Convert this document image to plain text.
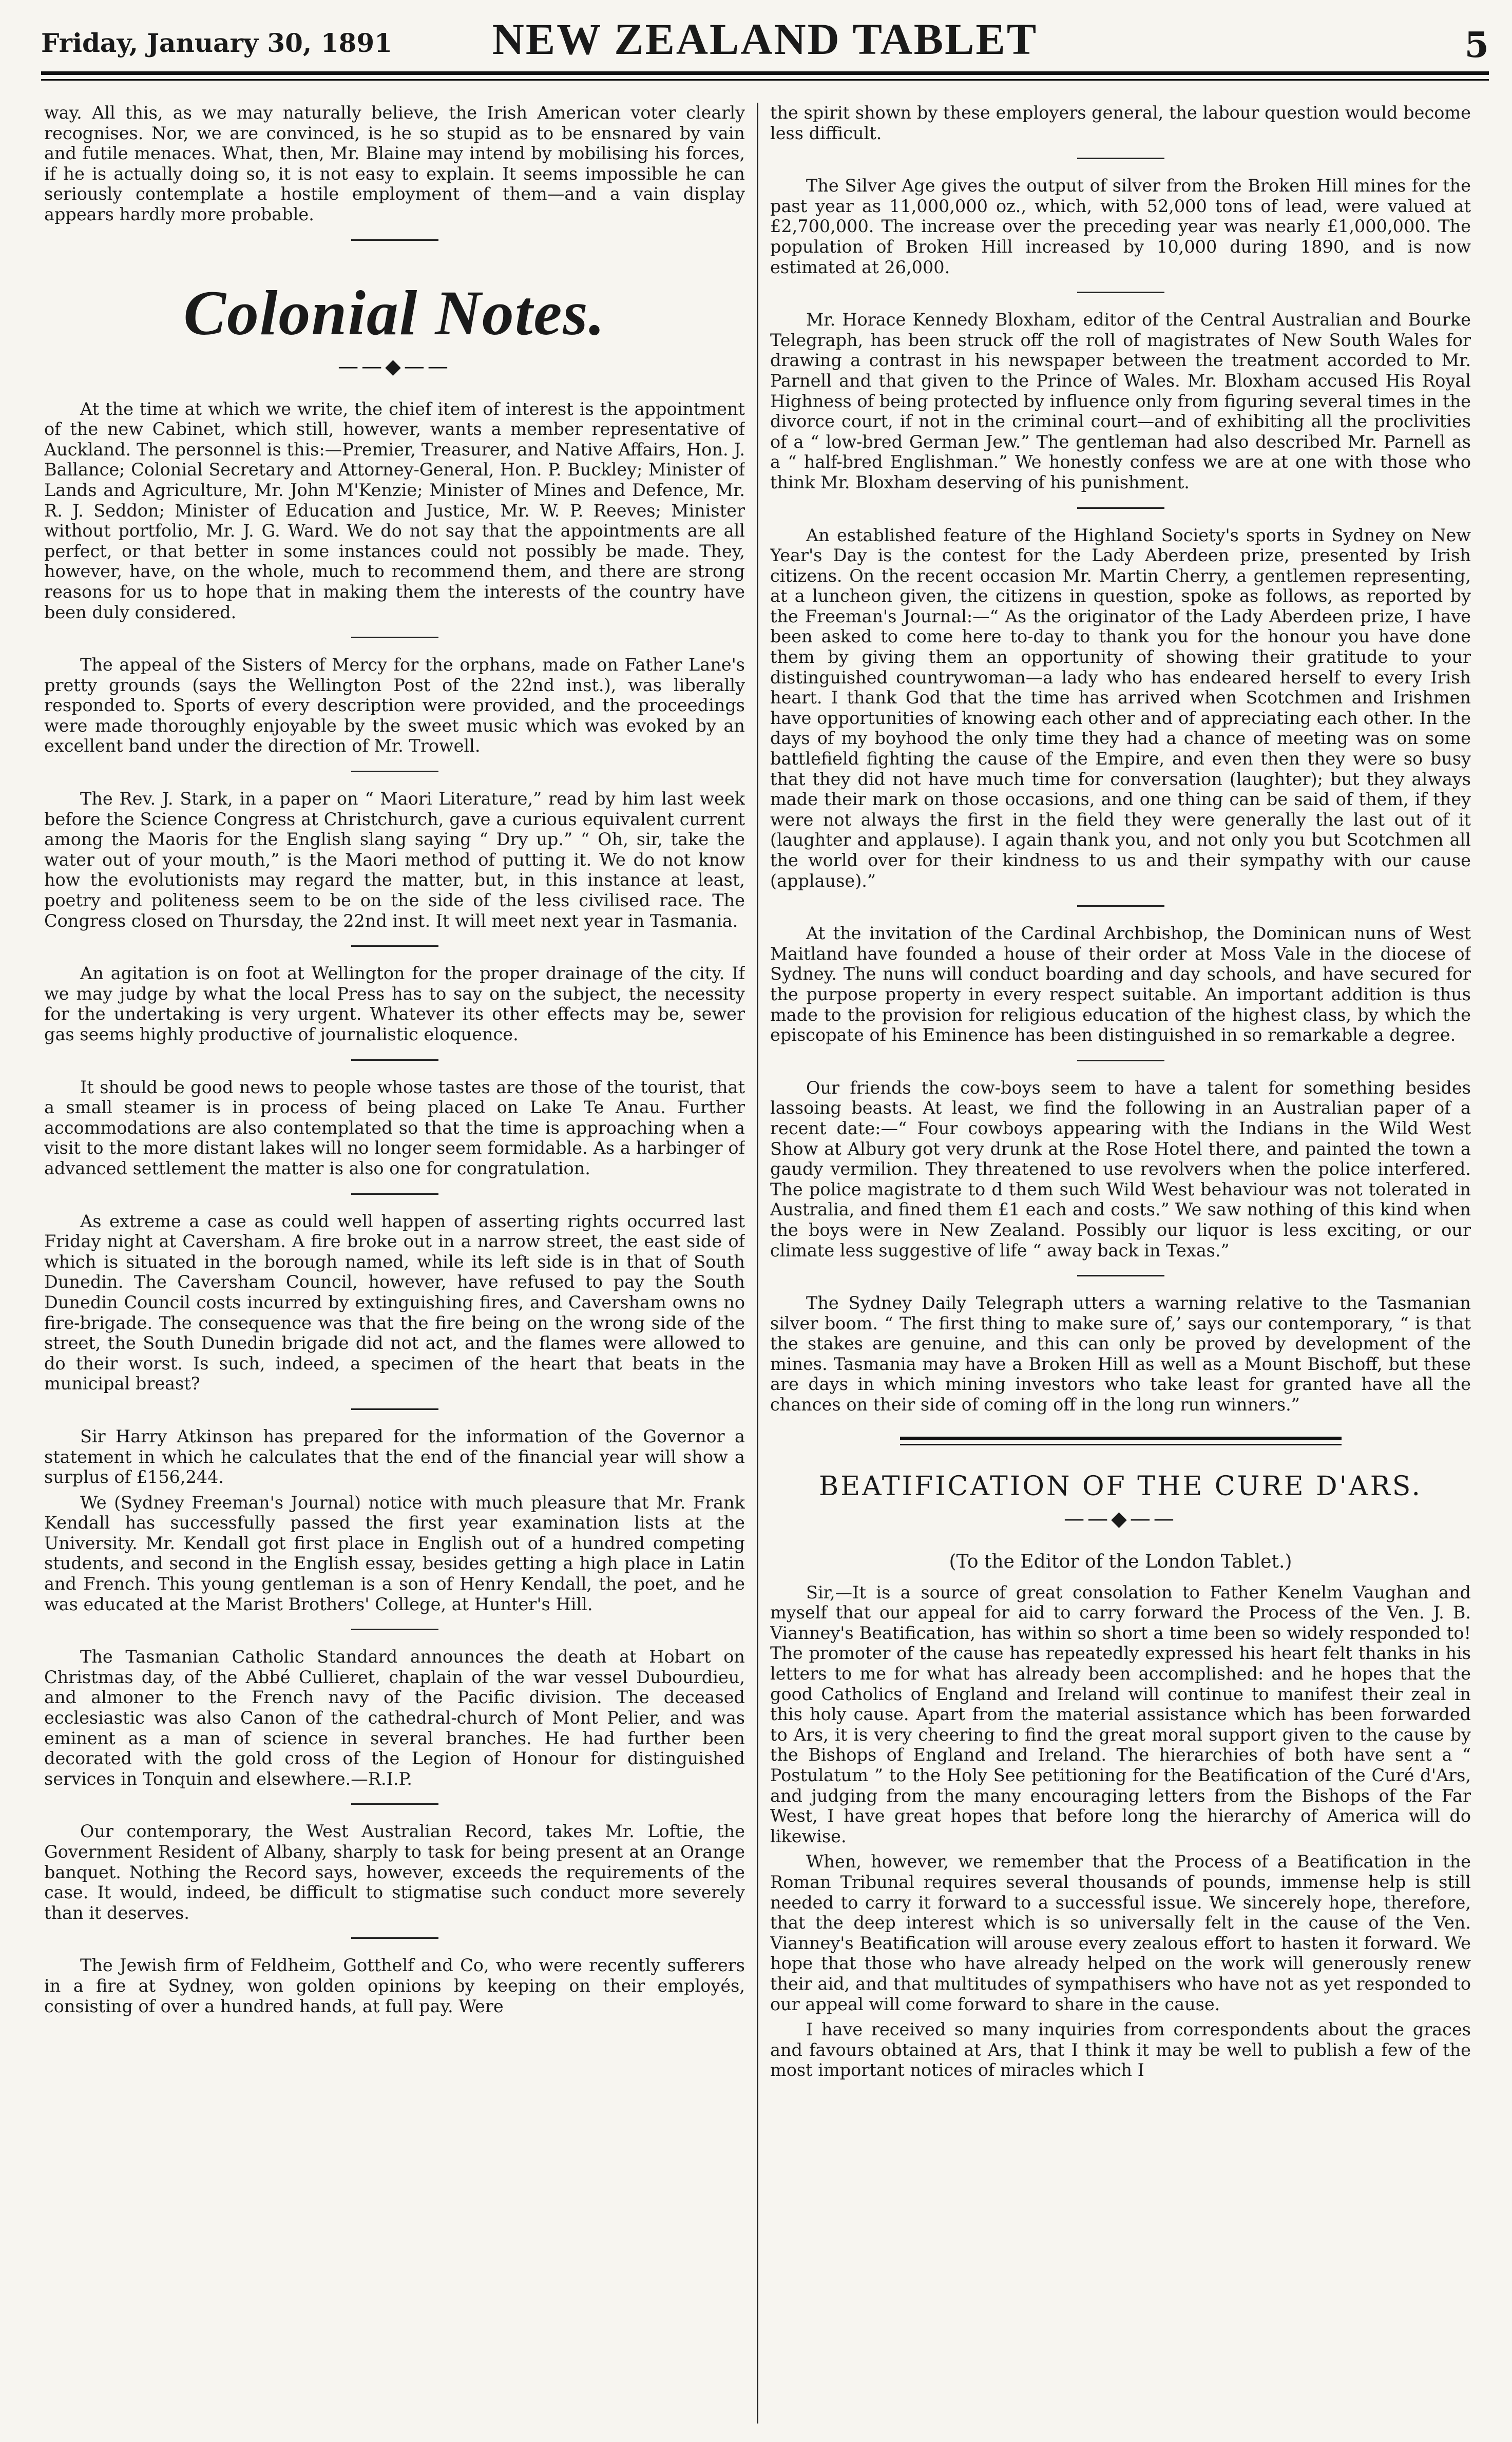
Friday, January 30, 1891	NEW ZEALAND TABLET	5

way. All this, as we may naturally believe, the Irish American voter clearly recognises. Nor, we are convinced, is he so stupid as to be ensnared by vain and futile menaces. What, then, Mr. Blaine may intend by mobilising his forces, if he is actually doing so, it is not easy to explain. It seems impossible he can seriously contemplate a hostile employment of them—and a vain display appears hardly more probable.

Colonial Notes.
——◆——

At the time at which we write, the chief item of interest is the appointment of the new Cabinet, which still, however, wants a member representative of Auckland. The personnel is this:—Premier, Treasurer, and Native Affairs, Hon. J. Ballance; Colonial Secretary and Attorney-General, Hon. P. Buckley; Minister of Lands and Agriculture, Mr. John M'Kenzie; Minister of Mines and Defence, Mr. R. J. Seddon; Minister of Education and Justice, Mr. W. P. Reeves; Minister without portfolio, Mr. J. G. Ward. We do not say that the appointments are all perfect, or that better in some instances could not possibly be made. They, however, have, on the whole, much to recommend them, and there are strong reasons for us to hope that in making them the interests of the country have been duly considered.

The appeal of the Sisters of Mercy for the orphans, made on Father Lane's pretty grounds (says the Wellington Post of the 22nd inst.), was liberally responded to. Sports of every description were provided, and the proceedings were made thoroughly enjoyable by the sweet music which was evoked by an excellent band under the direction of Mr. Trowell.

The Rev. J. Stark, in a paper on “ Maori Literature,” read by him last week before the Science Congress at Christchurch, gave a curious equivalent current among the Maoris for the English slang saying “ Dry up.” “ Oh, sir, take the water out of your mouth,” is the Maori method of putting it. We do not know how the evolutionists may regard the matter, but, in this instance at least, poetry and politeness seem to be on the side of the less civilised race. The Congress closed on Thursday, the 22nd inst. It will meet next year in Tasmania.

An agitation is on foot at Wellington for the proper drainage of the city. If we may judge by what the local Press has to say on the subject, the necessity for the undertaking is very urgent. Whatever its other effects may be, sewer gas seems highly productive of journalistic eloquence.

It should be good news to people whose tastes are those of the tourist, that a small steamer is in process of being placed on Lake Te Anau. Further accommodations are also contemplated so that the time is approaching when a visit to the more distant lakes will no longer seem formidable. As a harbinger of advanced settlement the matter is also one for congratulation.

As extreme a case as could well happen of asserting rights occurred last Friday night at Caversham. A fire broke out in a narrow street, the east side of which is situated in the borough named, while its left side is in that of South Dunedin. The Caversham Council, however, have refused to pay the South Dunedin Council costs incurred by extinguishing fires, and Caversham owns no fire-brigade. The consequence was that the fire being on the wrong side of the street, the South Dunedin brigade did not act, and the flames were allowed to do their worst. Is such, indeed, a specimen of the heart that beats in the municipal breast?

Sir Harry Atkinson has prepared for the information of the Governor a statement in which he calculates that the end of the financial year will show a surplus of £156,244.

We (Sydney Freeman's Journal) notice with much pleasure that Mr. Frank Kendall has successfully passed the first year examination lists at the University. Mr. Kendall got first place in English out of a hundred competing students, and second in the English essay, besides getting a high place in Latin and French. This young gentleman is a son of Henry Kendall, the poet, and he was educated at the Marist Brothers' College, at Hunter's Hill.

The Tasmanian Catholic Standard announces the death at Hobart on Christmas day, of the Abbé Cullieret, chaplain of the war vessel Dubourdieu, and almoner to the French navy of the Pacific division. The deceased ecclesiastic was also Canon of the cathedral-church of Mont Pelier, and was eminent as a man of science in several branches. He had further been decorated with the gold cross of the Legion of Honour for distinguished services in Tonquin and elsewhere.—R.I.P.

Our contemporary, the West Australian Record, takes Mr. Loftie, the Government Resident of Albany, sharply to task for being present at an Orange banquet. Nothing the Record says, however, exceeds the requirements of the case. It would, indeed, be difficult to stigmatise such conduct more severely than it deserves.

The Jewish firm of Feldheim, Gotthelf and Co, who were recently sufferers in a fire at Sydney, won golden opinions by keeping on their employés, consisting of over a hundred hands, at full pay. Were

the spirit shown by these employers general, the labour question would become less difficult.

The Silver Age gives the output of silver from the Broken Hill mines for the past year as 11,000,000 oz., which, with 52,000 tons of lead, were valued at £2,700,000. The increase over the preceding year was nearly £1,000,000. The population of Broken Hill increased by 10,000 during 1890, and is now estimated at 26,000.

Mr. Horace Kennedy Bloxham, editor of the Central Australian and Bourke Telegraph, has been struck off the roll of magistrates of New South Wales for drawing a contrast in his newspaper between the treatment accorded to Mr. Parnell and that given to the Prince of Wales. Mr. Bloxham accused His Royal Highness of being protected by influence only from figuring several times in the divorce court, if not in the criminal court—and of exhibiting all the proclivities of a “ low-bred German Jew.” The gentleman had also described Mr. Parnell as a “ half-bred Englishman.” We honestly confess we are at one with those who think Mr. Bloxham deserving of his punishment.

An established feature of the Highland Society's sports in Sydney on New Year's Day is the contest for the Lady Aberdeen prize, presented by Irish citizens. On the recent occasion Mr. Martin Cherry, a gentlemen representing, at a luncheon given, the citizens in question, spoke as follows, as reported by the Freeman's Journal:—“ As the originator of the Lady Aberdeen prize, I have been asked to come here to-day to thank you for the honour you have done them by giving them an opportunity of showing their gratitude to your distinguished countrywoman—a lady who has endeared herself to every Irish heart. I thank God that the time has arrived when Scotchmen and Irishmen have opportunities of knowing each other and of appreciating each other. In the days of my boyhood the only time they had a chance of meeting was on some battlefield fighting the cause of the Empire, and even then they were so busy that they did not have much time for conversation (laughter); but they always made their mark on those occasions, and one thing can be said of them, if they were not always the first in the field they were generally the last out of it (laughter and applause). I again thank you, and not only you but Scotchmen all the world over for their kindness to us and their sympathy with our cause (applause).”

At the invitation of the Cardinal Archbishop, the Dominican nuns of West Maitland have founded a house of their order at Moss Vale in the diocese of Sydney. The nuns will conduct boarding and day schools, and have secured for the purpose property in every respect suitable. An important addition is thus made to the provision for religious education of the highest class, by which the episcopate of his Eminence has been distinguished in so remarkable a degree.

Our friends the cow-boys seem to have a talent for something besides lassoing beasts. At least, we find the following in an Australian paper of a recent date:—“ Four cowboys appearing with the Indians in the Wild West Show at Albury got very drunk at the Rose Hotel there, and painted the town a gaudy vermilion. They threatened to use revolvers when the police interfered. The police magistrate to d them such Wild West behaviour was not tolerated in Australia, and fined them £1 each and costs.” We saw nothing of this kind when the boys were in New Zealand. Possibly our liquor is less exciting, or our climate less suggestive of life “ away back in Texas.”

The Sydney Daily Telegraph utters a warning relative to the Tasmanian silver boom. “ The first thing to make sure of,’ says our contemporary, “ is that the stakes are genuine, and this can only be proved by development of the mines. Tasmania may have a Broken Hill as well as a Mount Bischoff, but these are days in which mining investors who take least for granted have all the chances on their side of coming off in the long run winners.”

BEATIFICATION OF THE CURE D'ARS.
——◆——
(To the Editor of the London Tablet.)

Sir,—It is a source of great consolation to Father Kenelm Vaughan and myself that our appeal for aid to carry forward the Process of the Ven. J. B. Vianney's Beatification, has within so short a time been so widely responded to! The promoter of the cause has repeatedly expressed his heart felt thanks in his letters to me for what has already been accomplished: and he hopes that the good Catholics of England and Ireland will continue to manifest their zeal in this holy cause. Apart from the material assistance which has been forwarded to Ars, it is very cheering to find the great moral support given to the cause by the Bishops of England and Ireland. The hierarchies of both have sent a “ Postulatum ” to the Holy See petitioning for the Beatification of the Curé d'Ars, and judging from the many encouraging letters from the Bishops of the Far West, I have great hopes that before long the hierarchy of America will do likewise.

When, however, we remember that the Process of a Beatification in the Roman Tribunal requires several thousands of pounds, immense help is still needed to carry it forward to a successful issue. We sincerely hope, therefore, that the deep interest which is so universally felt in the cause of the Ven. Vianney's Beatification will arouse every zealous effort to hasten it forward. We hope that those who have already helped on the work will generously renew their aid, and that multitudes of sympathisers who have not as yet responded to our appeal will come forward to share in the cause.

I have received so many inquiries from correspondents about the graces and favours obtained at Ars, that I think it may be well to publish a few of the most important notices of miracles which I
